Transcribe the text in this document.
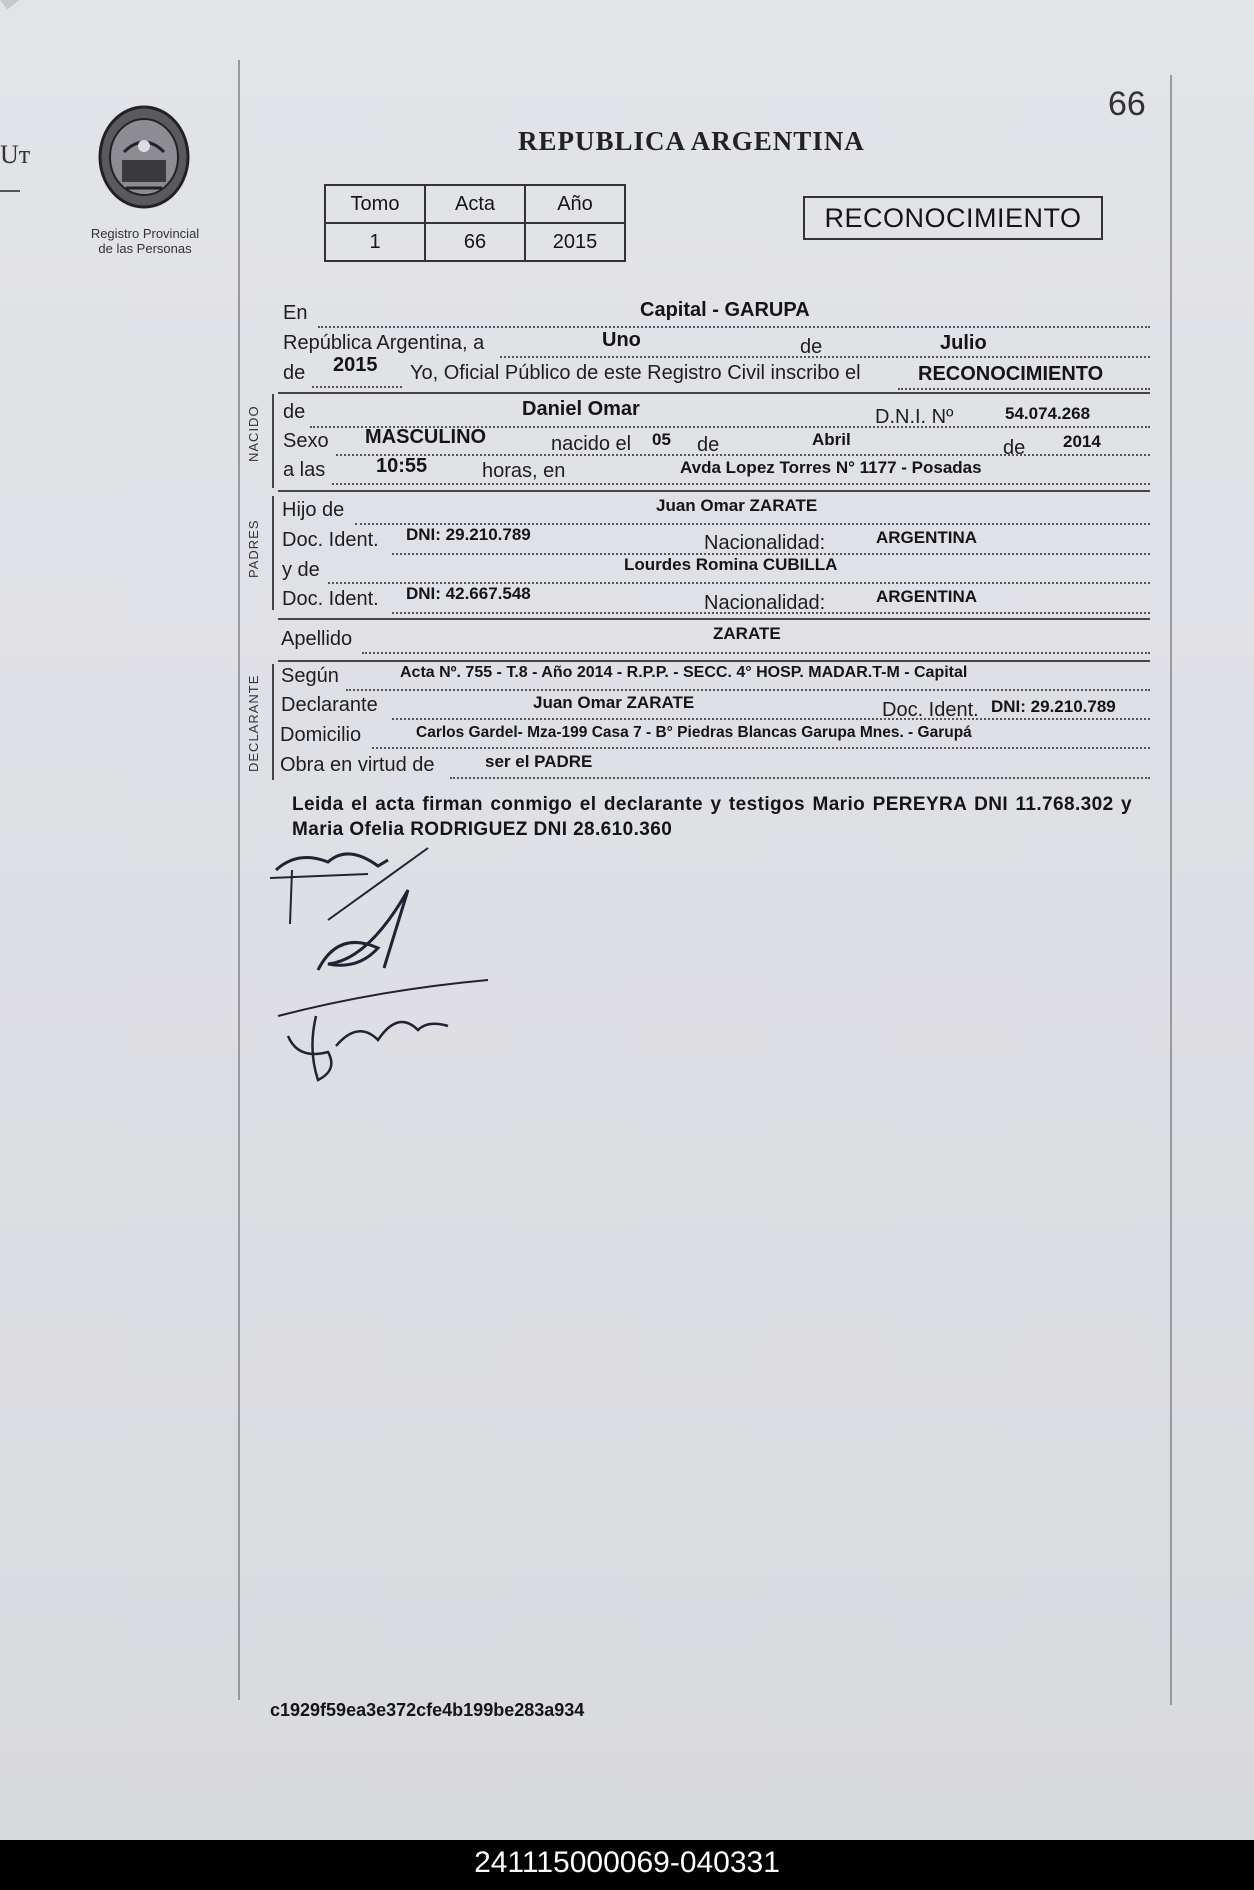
Uᴛ
66
Registro Provincial
de las Personas
REPUBLICA ARGENTINA
Tomo	Acta	Año
1	66	2015
RECONOCIMIENTO
En	Capital - GARUPA
República Argentina, a	Uno	de	Julio
de 2015 Yo, Oficial Público de este Registro Civil inscribo el	RECONOCIMIENTO
NACIDO de	Daniel Omar	D.N.I. Nº	54.074.268
Sexo MASCULINO	nacido el 05 de	Abril	de 2014
a las	10:55	horas, en	Avda Lopez Torres N° 1177 - Posadas
PADRES
Hijo de	Juan Omar ZARATE
Doc. Ident. DNI: 29.210.789	Nacionalidad:	ARGENTINA
y de	Lourdes Romina CUBILLA
Doc. Ident. DNI: 42.667.548	Nacionalidad:	ARGENTINA
Apellido	ZARATE
DECLARANTE Según	Acta Nº. 755 - T.8 - Año 2014 - R.P.P. - SECC. 4° HOSP. MADAR.T-M - Capital
Declarante	Juan Omar ZARATE	Doc. Ident. DNI: 29.210.789
Domicilio	Carlos Gardel- Mza-199 Casa 7 - B° Piedras Blancas Garupa Mnes. - Garupá
Obra en virtud de	ser el PADRE
Leida el acta firman conmigo el declarante y testigos Mario PEREYRA DNI 11.768.302 y Maria Ofelia RODRIGUEZ DNI 28.610.360
c1929f59ea3e372cfe4b199be283a934
241115000069-040331
